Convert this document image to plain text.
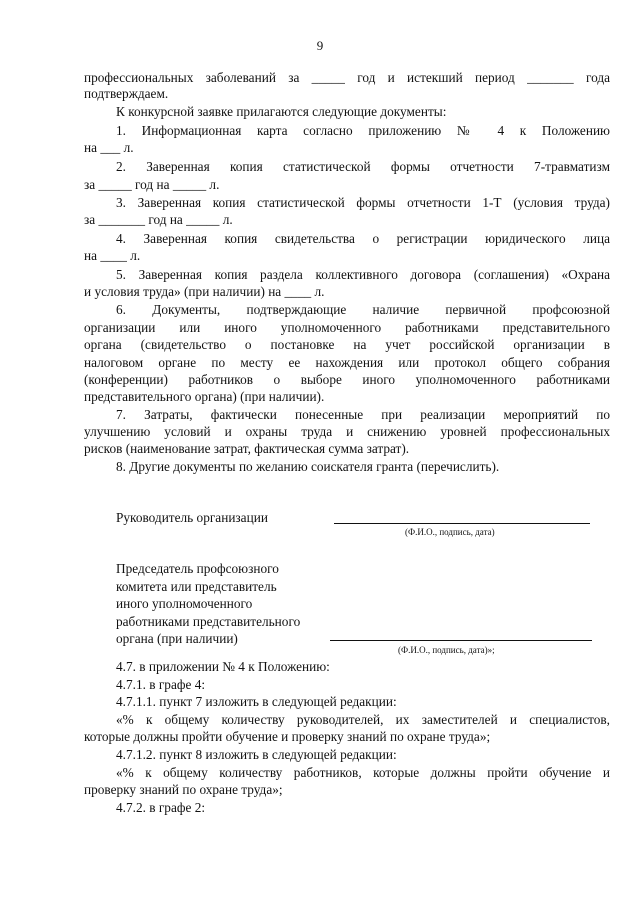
9
профессиональных заболеваний за _____ год и истекший период _______ года
подтверждаем.
К конкурсной заявке прилагаются следующие документы:
1. Информационная карта согласно приложению № 4 к Положению
на ___ л.
2. Заверенная копия статистической формы отчетности 7-травматизм
за _____ год на _____ л.
3. Заверенная копия статистической формы отчетности 1-Т (условия труда)
за _______ год на _____ л.
4. Заверенная копия свидетельства о регистрации юридического лица
на ____ л.
5. Заверенная копия раздела коллективного договора (соглашения) «Охрана
и условия труда» (при наличии) на ____ л.
6. Документы, подтверждающие наличие первичной профсоюзной
организации или иного уполномоченного работниками представительного
органа (свидетельство о постановке на учет российской организации в
налоговом органе по месту ее нахождения или протокол общего собрания
(конференции) работников о выборе иного уполномоченного работниками
представительного органа) (при наличии).
7. Затраты, фактически понесенные при реализации мероприятий по
улучшению условий и охраны труда и снижению уровней профессиональных
рисков (наименование затрат, фактическая сумма затрат).
8. Другие документы по желанию соискателя гранта (перечислить).
Руководитель организации
(Ф.И.О., подпись, дата)
Председатель профсоюзного
комитета или представитель
иного уполномоченного
работниками представительного
органа (при наличии)
(Ф.И.О., подпись, дата)»;
4.7. в приложении № 4 к Положению:
4.7.1. в графе 4:
4.7.1.1. пункт 7 изложить в следующей редакции:
«% к общему количеству руководителей, их заместителей и специалистов,
которые должны пройти обучение и проверку знаний по охране труда»;
4.7.1.2. пункт 8 изложить в следующей редакции:
«% к общему количеству работников, которые должны пройти обучение и
проверку знаний по охране труда»;
4.7.2. в графе 2:
